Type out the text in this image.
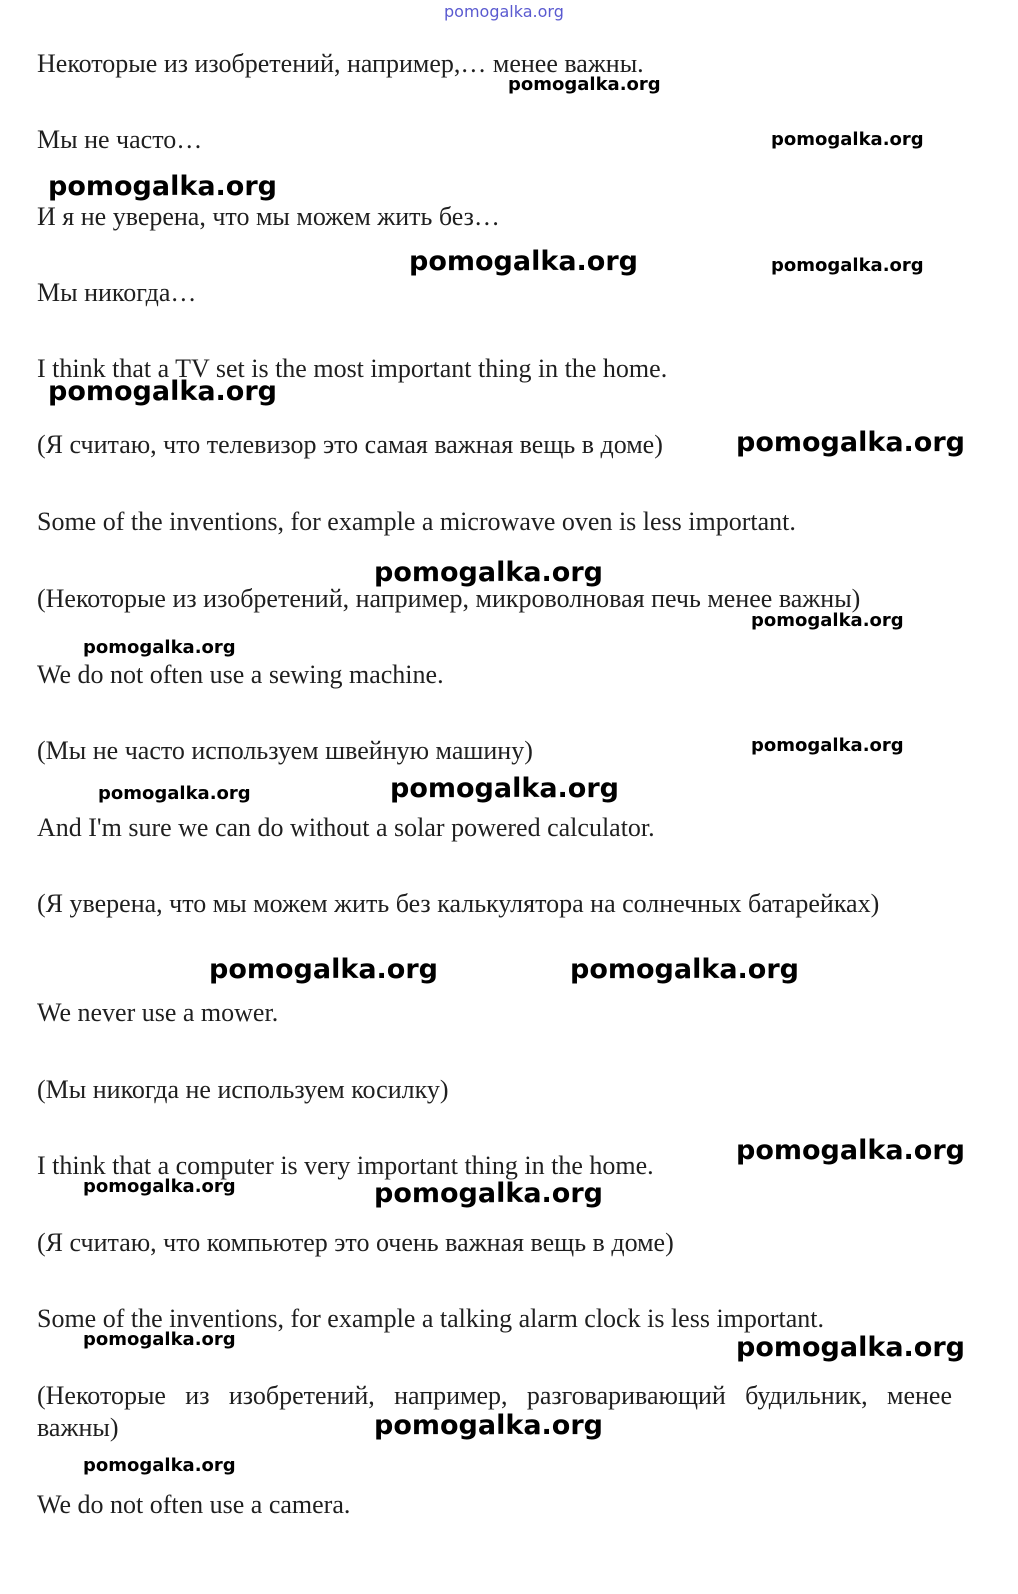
pomogalka.org
Некоторые из изобретений, например,… менее важны.
Мы не часто…
И я не уверена, что мы можем жить без…
Мы никогда…
I think that a TV set is the most important thing in the home.
(Я считаю, что телевизор это самая важная вещь в доме)
Some of the inventions, for example a microwave oven is less important.
(Некоторые из изобретений, например, микроволновая печь менее важны)
We do not often use a sewing machine.
(Мы не часто используем швейную машину)
And I'm sure we can do without a solar powered calculator.
(Я уверена, что мы можем жить без калькулятора на солнечных батарейках)
We never use a mower.
(Мы никогда не используем косилку)
I think that a computer is very important thing in the home.
(Я считаю, что компьютер это очень важная вещь в доме)
Some of the inventions, for example a talking alarm clock is less important.
(Некоторые из изобретений, например, разговаривающий будильник, менее важны)
We do not often use a camera.
pomogalka.org
pomogalka.org
pomogalka.org
pomogalka.org	pomogalka.org
pomogalka.org
pomogalka.org
pomogalka.org
pomogalka.org
pomogalka.org
pomogalka.org
pomogalka.org	pomogalka.org
pomogalka.org	pomogalka.org
pomogalka.org
pomogalka.org	pomogalka.org
pomogalka.org	pomogalka.org
pomogalka.org
pomogalka.org
